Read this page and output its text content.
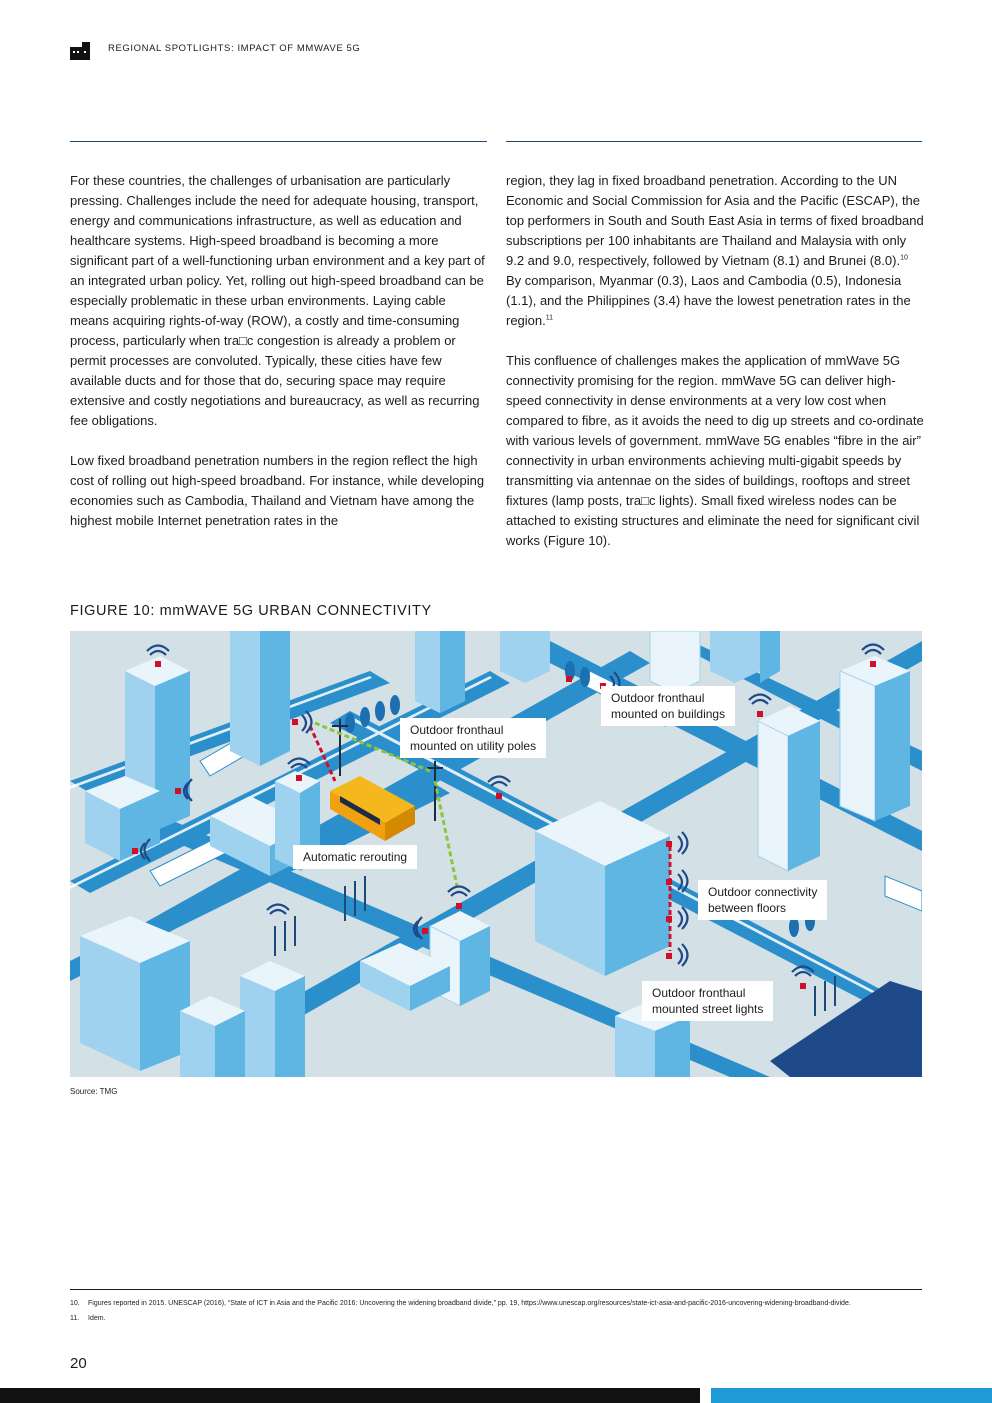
REGIONAL SPOTLIGHTS: IMPACT OF MMWAVE 5G

For these countries, the challenges of urbanisation are particularly pressing. Challenges include the need for adequate housing, transport, energy and communications infrastructure, as well as education and healthcare systems. High-speed broadband is becoming a more significant part of a well-functioning urban environment and a key part of an integrated urban policy. Yet, rolling out high-speed broadband can be especially problematic in these urban environments. Laying cable means acquiring rights-of-way (ROW), a costly and time-consuming process, particularly when tra□c congestion is already a problem or permit processes are convoluted. Typically, these cities have few available ducts and for those that do, securing space may require extensive and costly negotiations and bureaucracy, as well as recurring fee obligations.

Low fixed broadband penetration numbers in the region reflect the high cost of rolling out high-speed broadband. For instance, while developing economies such as Cambodia, Thailand and Vietnam have among the highest mobile Internet penetration rates in the

region, they lag in fixed broadband penetration. According to the UN Economic and Social Commission for Asia and the Pacific (ESCAP), the top performers in South and South East Asia in terms of fixed broadband subscriptions per 100 inhabitants are Thailand and Malaysia with only 9.2 and 9.0, respectively, followed by Vietnam (8.1) and Brunei (8.0).$^{10}$ By comparison, Myanmar (0.3), Laos and Cambodia (0.5), Indonesia (1.1), and the Philippines (3.4) have the lowest penetration rates in the region.$^{11}$

This confluence of challenges makes the application of mmWave 5G connectivity promising for the region. mmWave 5G can deliver high-speed connectivity in dense environments at a very low cost when compared to fibre, as it avoids the need to dig up streets and co-ordinate with various levels of government. mmWave 5G enables “fibre in the air” connectivity in urban environments achieving multi-gigabit speeds by transmitting via antennae on the sides of buildings, rooftops and street fixtures (lamp posts, tra□c lights). Small fixed wireless nodes can be attached to existing structures and eliminate the need for significant civil works (Figure 10).

FIGURE 10: mmWAVE 5G URBAN CONNECTIVITY
Outdoor fronthaul
mounted on utility poles
Outdoor fronthaul
mounted on buildings
Automatic rerouting
Outdoor connectivity
between floors
Outdoor fronthaul
mounted street lights
Source: TMG
10. Figures reported in 2015. UNESCAP (2016), “State of ICT in Asia and the Pacific 2016: Uncovering the widening broadband divide,” pp. 19, https://www.unescap.org/resources/state-ict-asia-and-pacific-2016-uncovering-widening-broadband-divide.
11. Idem.
20
